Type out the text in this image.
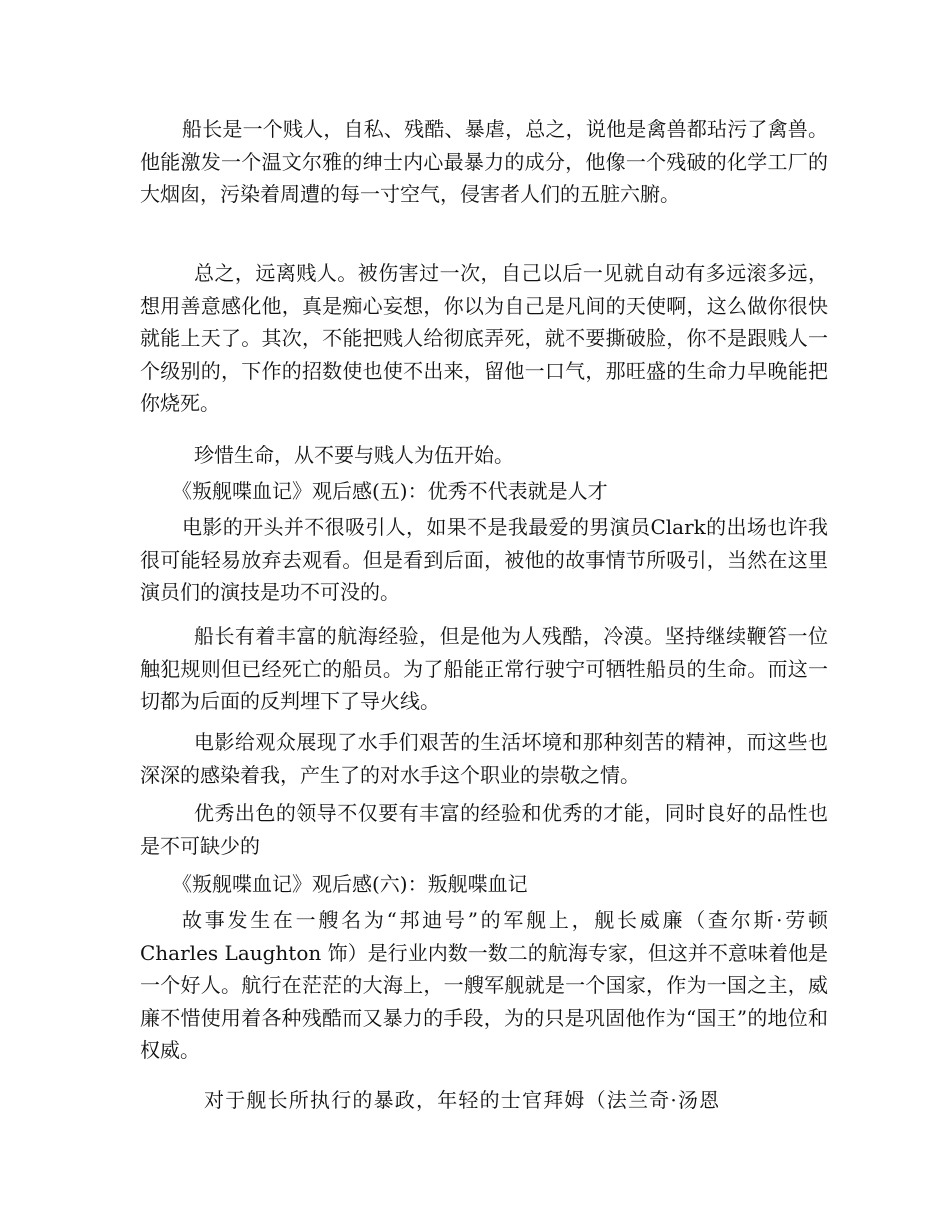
船长是一个贱人，自私、残酷、暴虐，总之，说他是禽兽都玷污了禽兽。他能激发一个温文尔雅的绅士内心最暴力的成分，他像一个残破的化学工厂的大烟囱，污染着周遭的每一寸空气，侵害者人们的五脏六腑。

总之，远离贱人。被伤害过一次，自己以后一见就自动有多远滚多远，想用善意感化他，真是痴心妄想，你以为自己是凡间的天使啊，这么做你很快就能上天了。其次，不能把贱人给彻底弄死，就不要撕破脸，你不是跟贱人一个级别的，下作的招数使也使不出来，留他一口气，那旺盛的生命力早晚能把你烧死。

珍惜生命，从不要与贱人为伍开始。

《叛舰喋血记》观后感(五)：优秀不代表就是人才

电影的开头并不很吸引人，如果不是我最爱的男演员Clark的出场也许我很可能轻易放弃去观看。但是看到后面，被他的故事情节所吸引，当然在这里演员们的演技是功不可没的。

船长有着丰富的航海经验，但是他为人残酷，冷漠。坚持继续鞭笞一位触犯规则但已经死亡的船员。为了船能正常行驶宁可牺牲船员的生命。而这一切都为后面的反判埋下了导火线。

电影给观众展现了水手们艰苦的生活坏境和那种刻苦的精神，而这些也深深的感染着我，产生了的对水手这个职业的崇敬之情。

优秀出色的领导不仅要有丰富的经验和优秀的才能，同时良好的品性也是不可缺少的

《叛舰喋血记》观后感(六)：叛舰喋血记

故事发生在一艘名为“邦迪号”的军舰上，舰长威廉（查尔斯·劳顿 Charles Laughton 饰）是行业内数一数二的航海专家，但这并不意味着他是一个好人。航行在茫茫的大海上，一艘军舰就是一个国家，作为一国之主，威廉不惜使用着各种残酷而又暴力的手段，为的只是巩固他作为“国王”的地位和权威。

对于舰长所执行的暴政，年轻的士官拜姆（法兰奇·汤恩
